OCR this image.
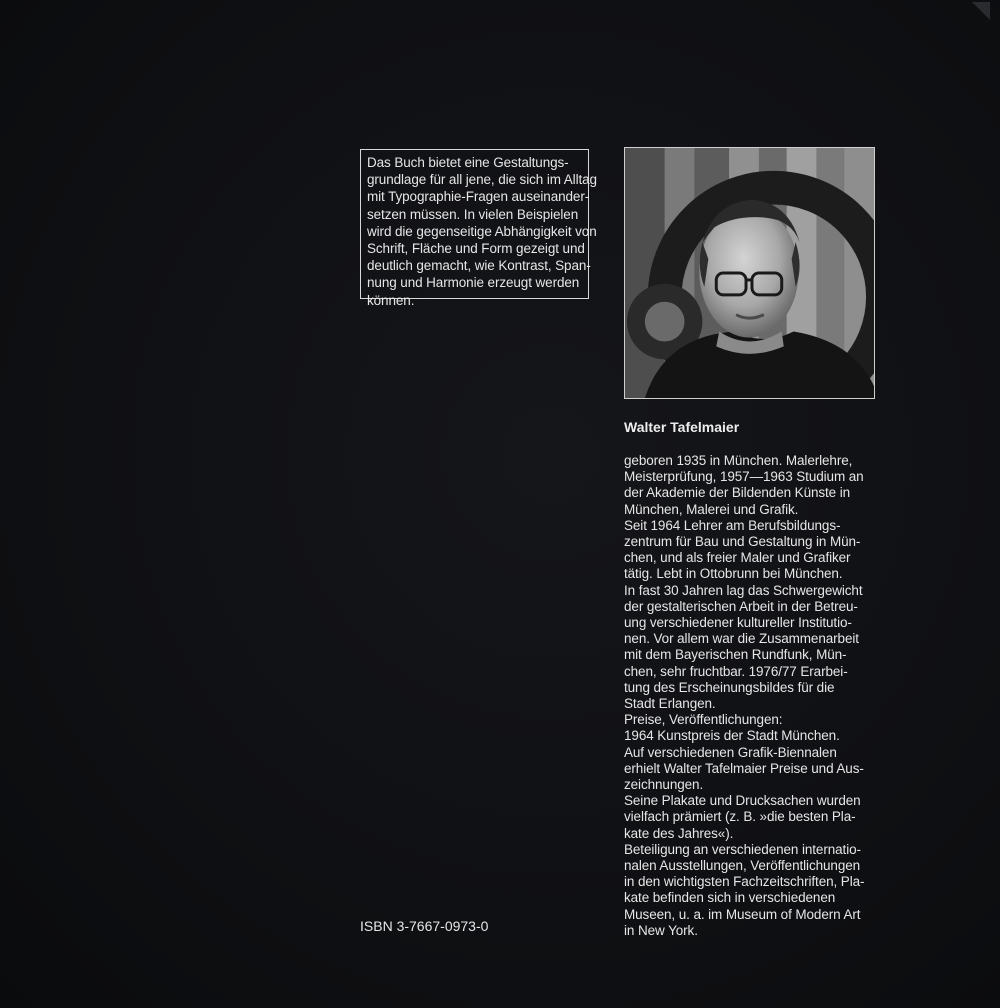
Das Buch bietet eine Gestaltungs-
grundlage für all jene, die sich im Alltag
mit Typographie-Fragen auseinander-
setzen müssen. In vielen Beispielen
wird die gegenseitige Abhängigkeit von
Schrift, Fläche und Form gezeigt und
deutlich gemacht, wie Kontrast, Span-
nung und Harmonie erzeugt werden
können.
Walter Tafelmaier
geboren 1935 in München. Malerlehre,
Meisterprüfung, 1957—1963 Studium an
der Akademie der Bildenden Künste in
München, Malerei und Grafik.
Seit 1964 Lehrer am Berufsbildungs-
zentrum für Bau und Gestaltung in Mün-
chen, und als freier Maler und Grafiker
tätig. Lebt in Ottobrunn bei München.
In fast 30 Jahren lag das Schwergewicht
der gestalterischen Arbeit in der Betreu-
ung verschiedener kultureller Institutio-
nen. Vor allem war die Zusammenarbeit
mit dem Bayerischen Rundfunk, Mün-
chen, sehr fruchtbar. 1976/77 Erarbei-
tung des Erscheinungsbildes für die
Stadt Erlangen.
Preise, Veröffentlichungen:
1964 Kunstpreis der Stadt München.
Auf verschiedenen Grafik-Biennalen
erhielt Walter Tafelmaier Preise und Aus-
zeichnungen.
Seine Plakate und Drucksachen wurden
vielfach prämiert (z. B. »die besten Pla-
kate des Jahres«).
Beteiligung an verschiedenen internatio-
nalen Ausstellungen, Veröffentlichungen
in den wichtigsten Fachzeitschriften, Pla-
kate befinden sich in verschiedenen
Museen, u. a. im Museum of Modern Art
in New York.
ISBN 3-7667-0973-0
